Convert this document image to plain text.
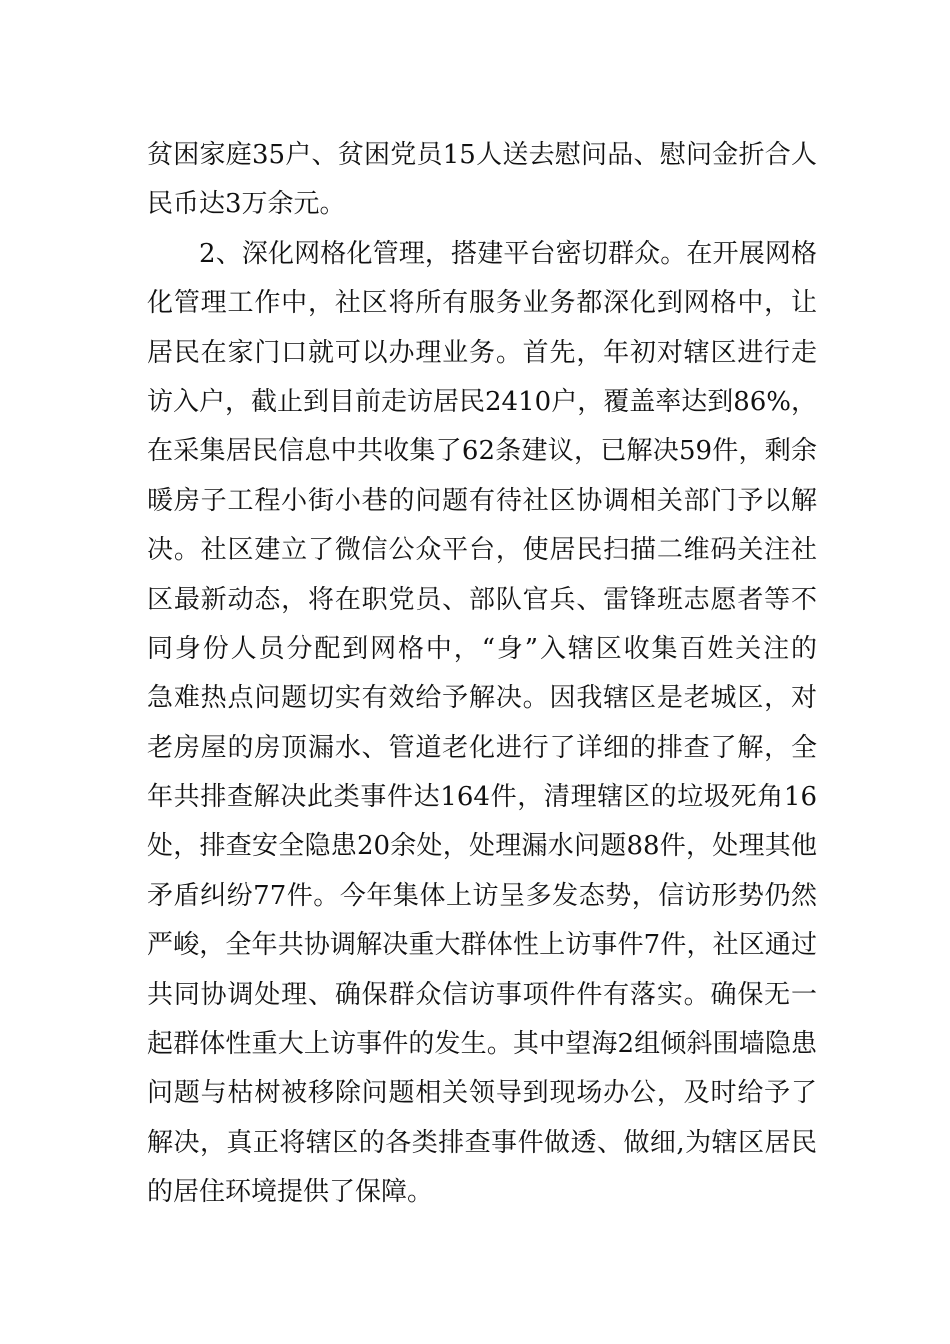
贫困家庭35户、贫困党员15人送去慰问品、慰问金折合人
民币达3万余元。
2、深化网格化管理，搭建平台密切群众。在开展网格
化管理工作中，社区将所有服务业务都深化到网格中，让
居民在家门口就可以办理业务。首先，年初对辖区进行走
访入户，截止到目前走访居民2410户，覆盖率达到86%，
在采集居民信息中共收集了62条建议，已解决59件，剩余
暖房子工程小街小巷的问题有待社区协调相关部门予以解
决。社区建立了微信公众平台，使居民扫描二维码关注社
区最新动态，将在职党员、部队官兵、雷锋班志愿者等不
同身份人员分配到网格中，“身”入辖区收集百姓关注的
急难热点问题切实有效给予解决。因我辖区是老城区，对
老房屋的房顶漏水、管道老化进行了详细的排查了解，全
年共排查解决此类事件达164件，清理辖区的垃圾死角16
处，排查安全隐患20余处，处理漏水问题88件，处理其他
矛盾纠纷77件。今年集体上访呈多发态势，信访形势仍然
严峻，全年共协调解决重大群体性上访事件7件，社区通过
共同协调处理、确保群众信访事项件件有落实。确保无一
起群体性重大上访事件的发生。其中望海2组倾斜围墙隐患
问题与枯树被移除问题相关领导到现场办公，及时给予了
解决，真正将辖区的各类排查事件做透、做细,为辖区居民
的居住环境提供了保障。
